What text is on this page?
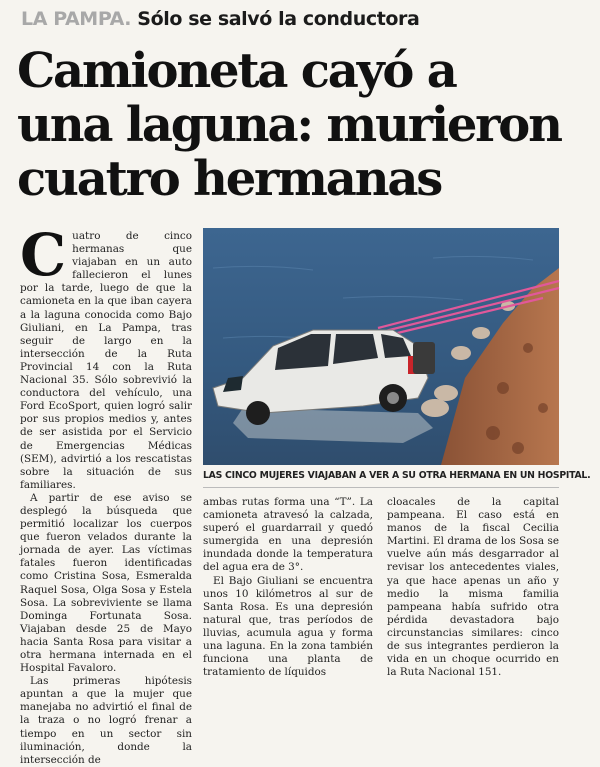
LA PAMPA. Sólo se salvó la conductora
Camioneta cayó a
una laguna: murieron
cuatro hermanas

Cuatro de cinco hermanas que viajaban en un auto fallecieron el lunes por la tarde, luego de que la camioneta en la que iban cayera a la laguna conocida como Bajo Giuliani, en La Pampa, tras seguir de largo en la intersección de la Ruta Provincial 14 con la Ruta Nacional 35. Sólo sobrevivió la conductora del vehículo, una Ford EcoSport, quien logró salir por sus propios medios y, antes de ser asistida por el Servicio de Emergencias Médicas (SEM), advirtió a los rescatistas sobre la situación de sus familiares.

A partir de ese aviso se desplegó la búsqueda que permitió localizar los cuerpos que fueron velados durante la jornada de ayer. Las víctimas fatales fueron identificadas como Cristina Sosa, Esmeralda Raquel Sosa, Olga Sosa y Estela Sosa. La sobreviviente se llama Dominga Fortunata Sosa. Viajaban desde 25 de Mayo hacia Santa Rosa para visitar a otra hermana internada en el Hospital Favaloro.

Las primeras hipótesis apuntan a que la mujer que manejaba no advirtió el final de la traza o no logró frenar a tiempo en un sector sin iluminación, donde la intersección de

LAS CINCO MUJERES VIAJABAN A VER A SU OTRA HERMANA EN UN HOSPITAL.

ambas rutas forma una “T”. La camioneta atravesó la calzada, superó el guardarrail y quedó sumergida en una depresión inundada donde la temperatura del agua era de 3°.

El Bajo Giuliani se encuentra unos 10 kilómetros al sur de Santa Rosa. Es una depresión natural que, tras períodos de lluvias, acumula agua y forma una laguna. En la zona también funciona una planta de tratamiento de líquidos

cloacales de la capital pampeana. El caso está en manos de la fiscal Cecilia Martini. El drama de los Sosa se vuelve aún más desgarrador al revisar los antecedentes viales, ya que hace apenas un año y medio la misma familia pampeana había sufrido otra pérdida devastadora bajo circunstancias similares: cinco de sus integrantes perdieron la vida en un choque ocurrido en la Ruta Nacional 151.
